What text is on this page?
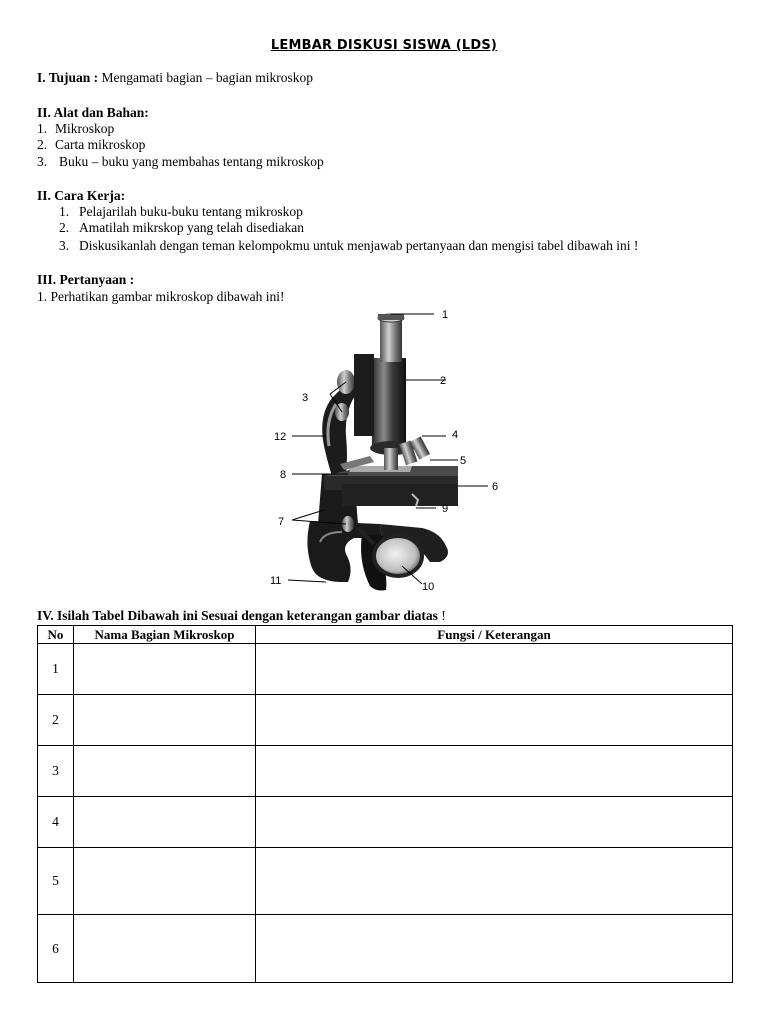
LEMBAR DISKUSI SISWA (LDS)
I. Tujuan : Mengamati bagian – bagian mikroskop
II. Alat dan Bahan:
1. Mikroskop
2. Carta mikroskop
3. Buku – buku yang membahas tentang mikroskop
II. Cara Kerja:
1. Pelajarilah buku-buku tentang mikroskop
2. Amatilah mikrskop yang telah disediakan
3. Diskusikanlah dengan teman kelompokmu untuk menjawab pertanyaan dan mengisi tabel dibawah ini !
III. Pertanyaan :
1. Perhatikan gambar mikroskop dibawah ini!
1
2
3
4
5
6
7
8
9
10
11
12
IV. Isilah Tabel Dibawah ini Sesuai dengan keterangan gambar diatas !
No	Nama Bagian Mikroskop	Fungsi / Keterangan
1		
2		
3		
4		
5		
6		
